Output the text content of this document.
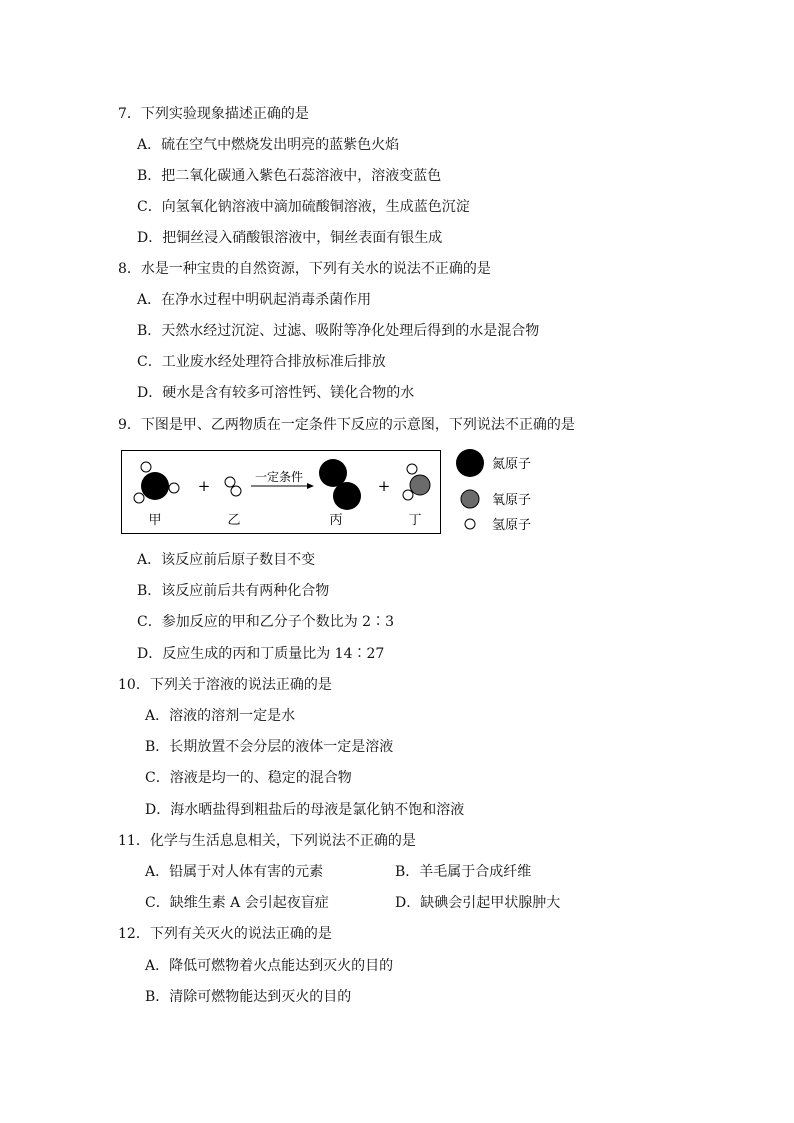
7．下列实验现象描述正确的是
A．硫在空气中燃烧发出明亮的蓝紫色火焰
B．把二氧化碳通入紫色石蕊溶液中，溶液变蓝色
C．向氢氧化钠溶液中滴加硫酸铜溶液，生成蓝色沉淀
D．把铜丝浸入硝酸银溶液中，铜丝表面有银生成
8．水是一种宝贵的自然资源，下列有关水的说法不正确的是
A．在净水过程中明矾起消毒杀菌作用
B．天然水经过沉淀、过滤、吸附等净化处理后得到的水是混合物
C．工业废水经处理符合排放标准后排放
D．硬水是含有较多可溶性钙、镁化合物的水
9．下图是甲、乙两物质在一定条件下反应的示意图，下列说法不正确的是
甲
+
乙
一定条件
丙
+
丁
氮原子
氧原子
氢原子
A．该反应前后原子数目不变
B．该反应前后共有两种化合物
C．参加反应的甲和乙分子个数比为 2∶3
D．反应生成的丙和丁质量比为 14∶27
10．下列关于溶液的说法正确的是
A．溶液的溶剂一定是水
B．长期放置不会分层的液体一定是溶液
C．溶液是均一的、稳定的混合物
D．海水晒盐得到粗盐后的母液是氯化钠不饱和溶液
11．化学与生活息息相关，下列说法不正确的是
A．铅属于对人体有害的元素	B．羊毛属于合成纤维
C．缺维生素 A 会引起夜盲症	D．缺碘会引起甲状腺肿大
12．下列有关灭火的说法正确的是
A．降低可燃物着火点能达到灭火的目的
B．清除可燃物能达到灭火的目的
